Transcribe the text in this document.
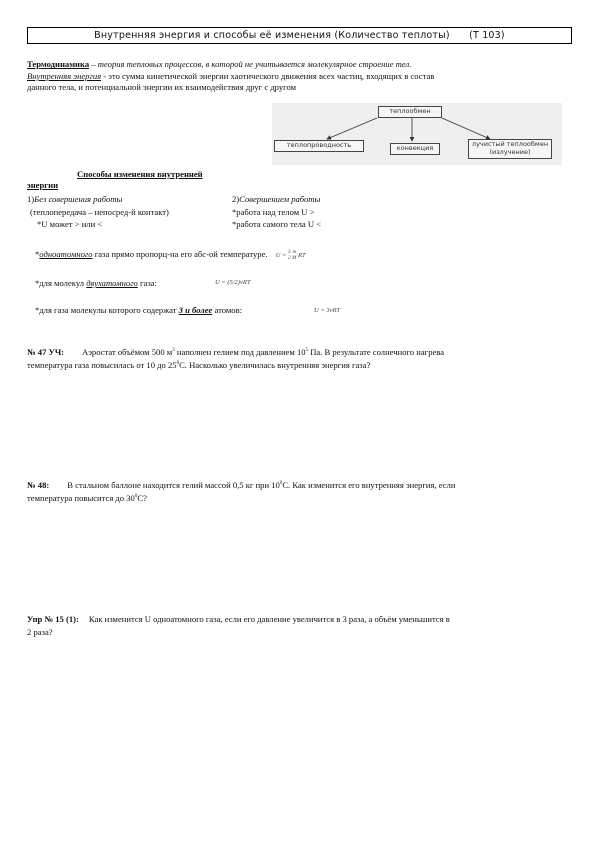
Внутренняя энергия и способы её изменения (Количество теплоты) (Т 103)
Термодинамика – теория тепловых процессов, в которой не учитывается молекулярное строение тел.
Внутренняя энергия - это сумма кинетической энергии хаотического движения всех частиц, входящих в состав
данного тела, и потенциальной энергии их взаимодействия друг с другом
теплообмен
теплопроводность	конвекция	лучистый теплообмен (излучение)
Способы изменения внутренней
энергии
1)Без совершения работы	2)Совершением работы
(теплопередача – непосред-й контакт)	*работа над телом U >
*U может > или <	*работа самого тела U <
*одноатомного газа прямо пропорц-на его абс-ой температуре. U = 3
2 m
M RT
*для молекул двухатомного газа:	U = (5/2)νRT
*для газа молекулы которого содержат 3 и более атомов:	U = 3νRT
№ 47 УЧ: Аэростат объёмом 500 $м^3$ наполнен гелием под давлением $10^5$ Па. В результате солнечного нагрева
температура газа повысилась от 10 до $25^0С$. Насколько увеличилась внутренняя энергия газа?
№ 48: В стальном баллоне находится гелий массой 0,5 кг при $10^0С$. Как изменится его внутренняя энергия, если
температура повысится до $30^0С$?
Упр № 15 (1): Как изменится U одноатомного газа, если его давление увеличится в 3 раза, а объём уменьшится в
2 раза?
